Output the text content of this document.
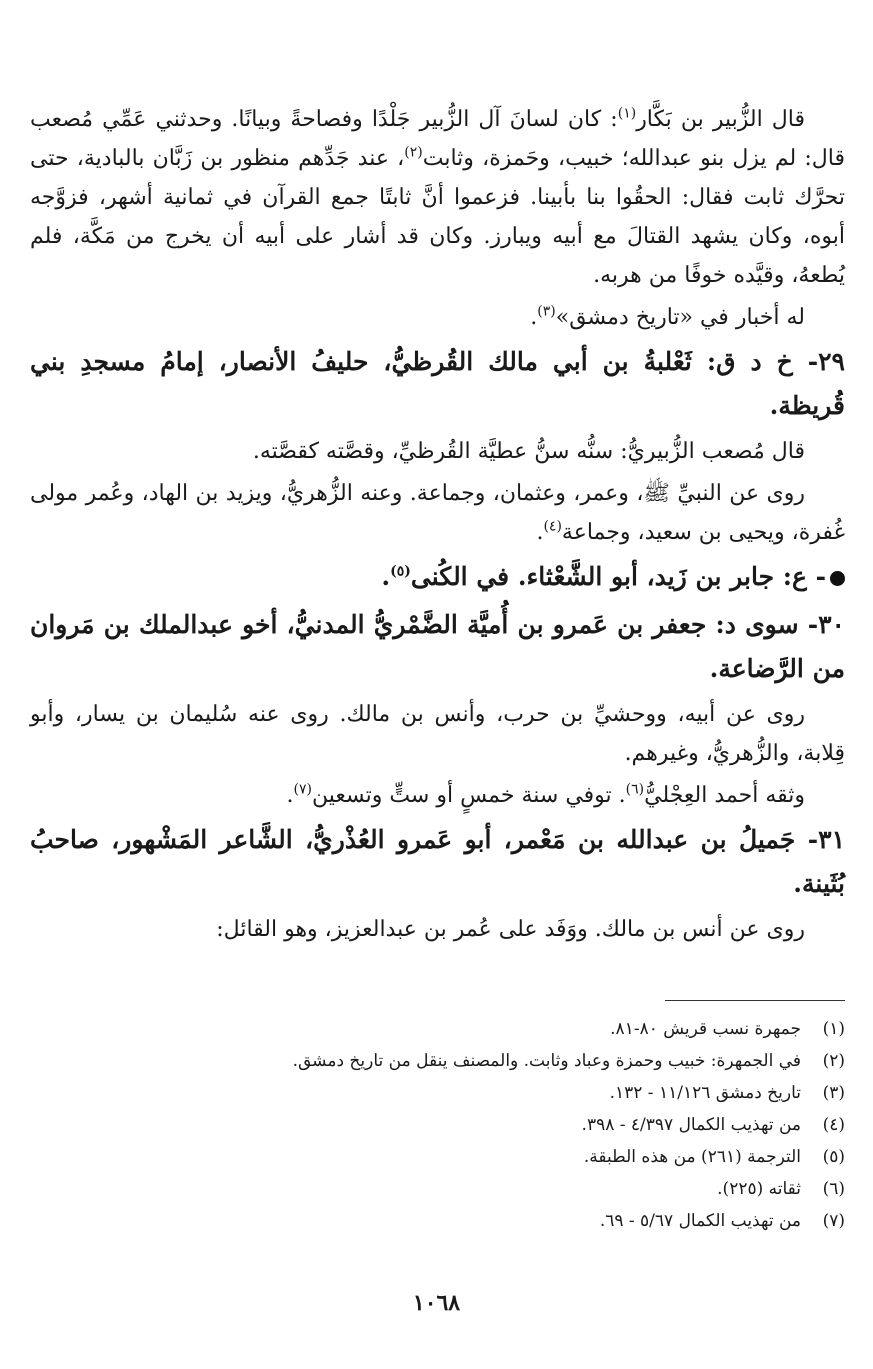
قال الزُّبير بن بَكَّار$^{(١)}$: كان لسانَ آل الزُّبير جَلْدًا وفصاحةً وبيانًا. وحدثني عَمِّي مُصعب قال: لم يزل بنو عبدالله؛ خبيب، وحَمزة، وثابت$^{(٢)}$، عند جَدِّهم منظور بن زَبَّان بالبادية، حتى تحرَّك ثابت فقال: الحقُوا بنا بأبينا. فزعموا أنَّ ثابتًا جمع القرآن في ثمانية أشهر، فزوَّجه أبوه، وكان يشهد القتالَ مع أبيه ويبارز. وكان قد أشار على أبيه أن يخرج من مَكَّة، فلم يُطعهُ، وقيَّده خوفًا من هربه.

له أخبار في «تاريخ دمشق»$^{(٣)}$.

٢٩- خ د ق: ثَعْلبةُ بن أبي مالك القُرظيُّ، حليفُ الأنصار، إمامُ مسجدِ بني قُريظة.

قال مُصعب الزُّبيريُّ: سنُّه سنُّ عطيَّة القُرظيِّ، وقصَّته كقصَّته.

روى عن النبيِّ ﷺ، وعمر، وعثمان، وجماعة. وعنه الزُّهريُّ، ويزيد بن الهاد، وعُمر مولى غُفرة، ويحيى بن سعيد، وجماعة$^{(٤)}$.

- ع: جابر بن زَيد، أبو الشَّعْثاء. في الكُنى$^{(٥)}$.

٣٠- سوى د: جعفر بن عَمرو بن أُميَّة الضَّمْريُّ المدنيُّ، أخو عبدالملك بن مَروان من الرَّضاعة.

روى عن أبيه، ووحشيِّ بن حرب، وأنس بن مالك. روى عنه سُليمان بن يسار، وأبو قِلابة، والزُّهريُّ، وغيرهم.

وثقه أحمد العِجْليُّ$^{(٦)}$. توفي سنة خمسٍ أو ستٍّ وتسعين$^{(٧)}$.

٣١- جَميلُ بن عبدالله بن مَعْمر، أبو عَمرو العُذْريُّ، الشَّاعر المَشْهور، صاحبُ بُثَينة.

روى عن أنس بن مالك. ووَفَد على عُمر بن عبدالعزيز، وهو القائل:

(١)جمهرة نسب قريش ٨٠-٨١.
(٢)في الجمهرة: خبيب وحمزة وعباد وثابت. والمصنف ينقل من تاريخ دمشق.
(٣)تاريخ دمشق ١١/١٢٦ - ١٣٢.
(٤)من تهذيب الكمال ٤/٣٩٧ - ٣٩٨.
(٥)الترجمة (٢٦١) من هذه الطبقة.
(٦)ثقاته (٢٢٥).
(٧)من تهذيب الكمال ٥/٦٧ - ٦٩.
١٠٦٨
